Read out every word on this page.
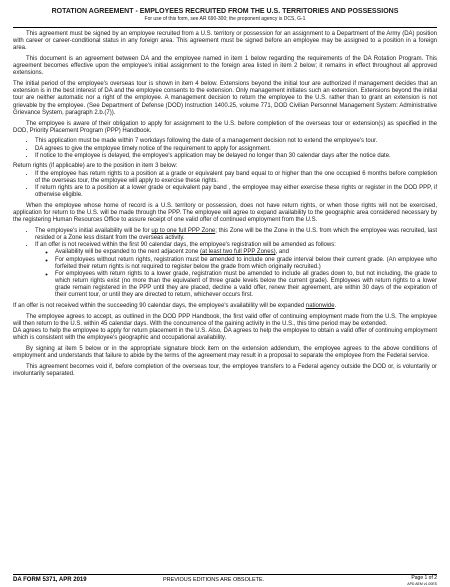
ROTATION AGREEMENT - EMPLOYEES RECRUITED FROM THE U.S. TERRITORIES AND POSSESSIONS
For use of this form, see AR 690-300; the proponent agency is DCS, G-1

This agreement must be signed by an employee recruited from a U.S. territory or possession for an assignment to a Department of the Army (DA) position with career or career-conditional status in any foreign area. This agreement must be signed before an employee may be assigned to a position in a foreign area.

This document is an agreement between DA and the employee named in item 1 below regarding the requirements of the DA Rotation Program. This agreement becomes effective upon the employee's initial assignment to the foreign area listed in item 2 below; it remains in effect throughout all approved extensions.

The initial period of the employee's overseas tour is shown in item 4 below. Extensions beyond the initial tour are authorized if management decides that an extension is in the best interest of DA and the employee consents to the extension. Only management initiates such an extension. Extensions beyond the initial tour are neither automatic nor a right of the employee. A management decision to return the employee to the U.S. rather than to grant an extension is not grievable by the employee. (See Department of Defense (DOD) Instruction 1400.25, volume 771, DOD Civilian Personnel Management System: Administrative Grievance System, paragraph 2.b.(7)).

The employee is aware of their obligation to apply for assignment to the U.S. before completion of the overseas tour or extension(s) as specified in the DOD, Priority Placement Program (PPP) Handbook.

• This application must be made within 7 workdays following the date of a management decision not to extend the employee's tour.
• DA agrees to give the employee timely notice of the requirement to apply for assignment.
• If notice to the employee is delayed, the employee's application may be delayed no longer than 30 calendar days after the notice date.

Return rights (if applicable) are to the position in item 3 below:

• If the employee has return rights to a position at a grade or equivalent pay band equal to or higher than the one occupied 6 months before completion of the overseas tour, the employee will apply to exercise these rights.
• If return rights are to a position at a lower grade or equivalent pay band , the employee may either exercise these rights or register in the DOD PPP, if otherwise eligible.

When the employee whose home of record is a U.S. territory or possession, does not have return rights, or when those rights will not be exercised, application for return to the U.S. will be made through the PPP. The employee will agree to expand availability to the geographic area considered necessary by the registering Human Resources Office to assure receipt of one valid offer of continued employment from the U.S.

• The employee's initial availability will be for up to one full PPP Zone; this Zone will be the Zone in the U.S. from which the employee was recruited, last resided or a Zone less distant from the overseas activity.
• If an offer is not received within the first 90 calendar days, the employee's registration will be amended as follows:
◦ Availability will be expanded to the next adjacent zone (at least two full PPP Zones), and
◦ For employees without return rights, registration must be amended to include one grade interval below their current grade. (An employee who forfeited their return rights is not required to register below the grade from which originally recruited.)
◦ For employees with return rights to a lower grade, registration must be amended to include all grades down to, but not including, the grade to which return rights exist (no more than the equivalent of three grade levels below the current grade). Employees with return rights to a lower grade remain registered in the PPP until they are placed, decline a valid offer, renew their agreement, are within 30 days of the expiration of their current tour, or until they are directed to return, whichever occurs first.

If an offer is not received within the succeeding 90 calendar days, the employee's availability will be expanded nationwide.

The employee agrees to accept, as outlined in the DOD PPP Handbook, the first valid offer of continuing employment made from the U.S. The employee will then return to the U.S. within 45 calendar days. With the concurrence of the gaining activity in the U.S., this time period may be extended.

DA agrees to help the employee to apply for return placement in the U.S. Also, DA agrees to help the employee to obtain a valid offer of continuing employment which is consistent with the employee's geographic and occupational availability.

By signing at item 5 below or in the appropriate signature block item on the extension addendum, the employee agrees to the above conditions of employment and understands that failure to abide by the terms of the agreement may result in a proposal to separate the employee from the Federal service.

This agreement becomes void if, before completion of the overseas tour, the employee transfers to a Federal agency outside the DOD or, is voluntarily or involuntarily separated.

DA FORM 5371, APR 2019	PREVIOUS EDITIONS ARE OBSOLETE.	Page 1 of 2
APD AEM v1.00ES
